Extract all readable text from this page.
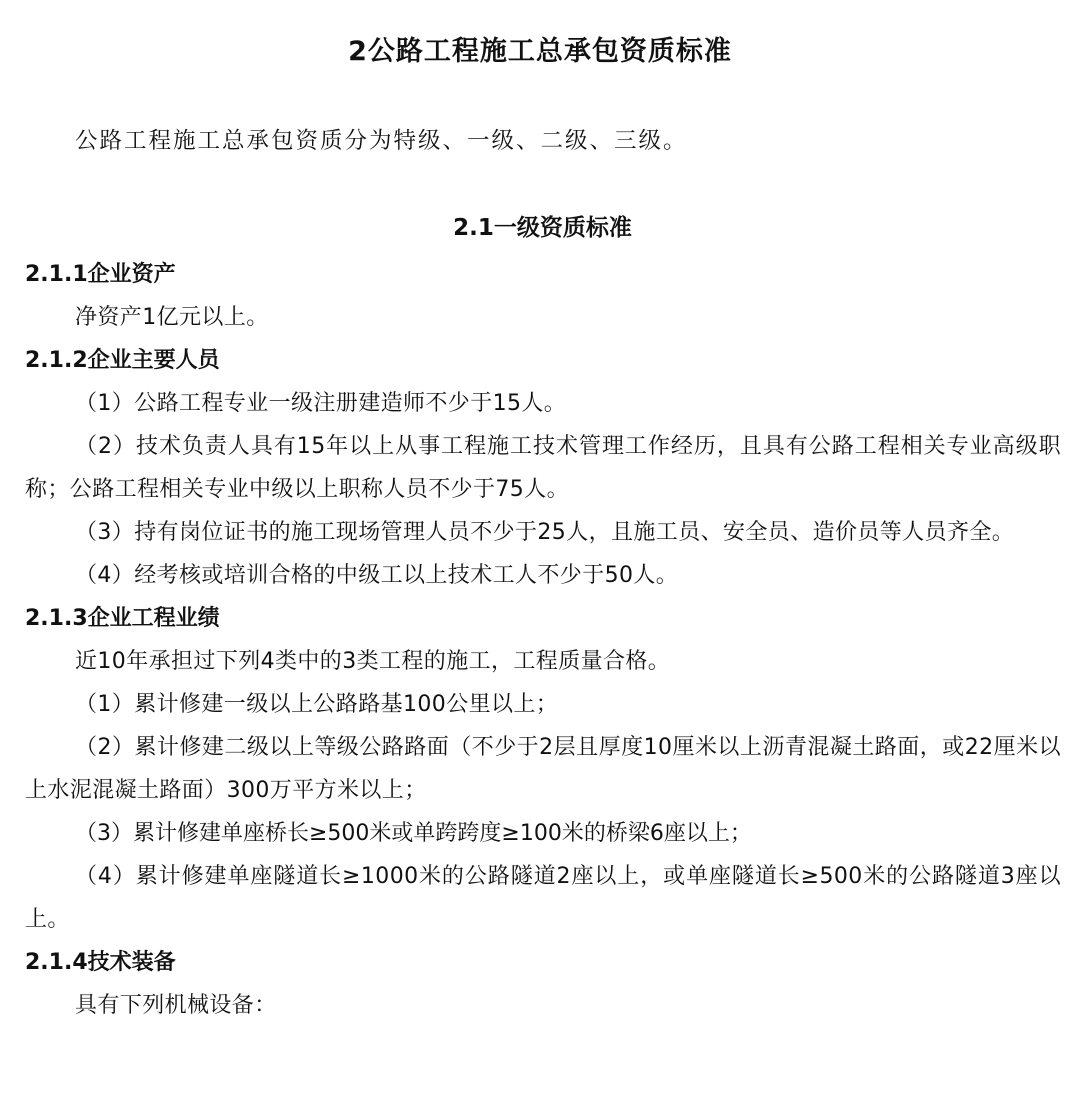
2公路工程施工总承包资质标准
公路工程施工总承包资质分为特级、一级、二级、三级。
2.1一级资质标准
2.1.1企业资产
净资产1亿元以上。
2.1.2企业主要人员
（1）公路工程专业一级注册建造师不少于15人。
（2）技术负责人具有15年以上从事工程施工技术管理工作经历，且具有公路工程相关专业高级职称；公路工程相关专业中级以上职称人员不少于75人。
（3）持有岗位证书的施工现场管理人员不少于25人，且施工员、安全员、造价员等人员齐全。
（4）经考核或培训合格的中级工以上技术工人不少于50人。
2.1.3企业工程业绩
近10年承担过下列4类中的3类工程的施工，工程质量合格。
（1）累计修建一级以上公路路基100公里以上；
（2）累计修建二级以上等级公路路面（不少于2层且厚度10厘米以上沥青混凝土路面，或22厘米以上水泥混凝土路面）300万平方米以上；
（3）累计修建单座桥长≥500米或单跨跨度≥100米的桥梁6座以上；
（4）累计修建单座隧道长≥1000米的公路隧道2座以上，或单座隧道长≥500米的公路隧道3座以上。
2.1.4技术装备
具有下列机械设备：
